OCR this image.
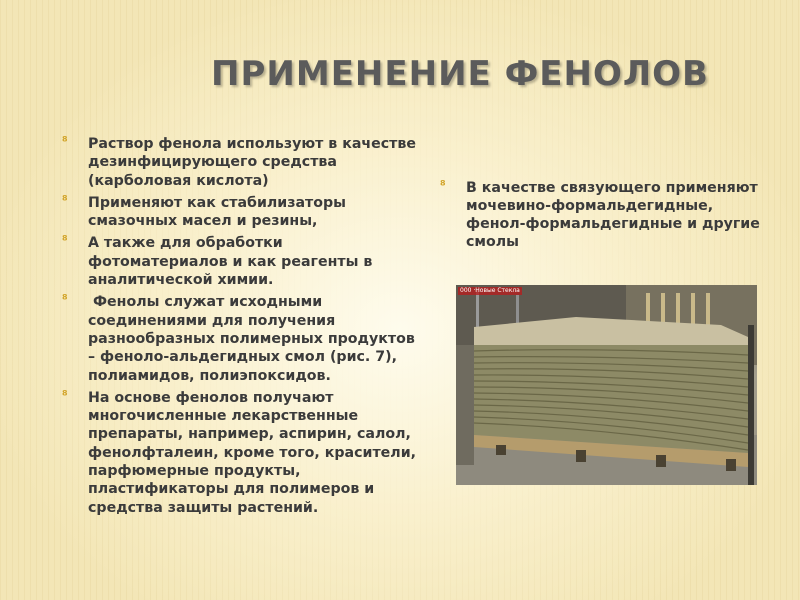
ПРИМЕНЕНИЕ ФЕНОЛОВ
⁸ Раствор фенола используют в качестве дезинфицирующего средства (карболовая кислота)
⁸ Применяют как стабилизаторы смазочных масел и резины,
⁸ А также для обработки фотоматериалов и как реагенты в аналитической химии.
⁸ Фенолы служат исходными соединениями для получения разнообразных полимерных продуктов – феноло-альдегидных смол (рис. 7), полиамидов, полиэпоксидов.
⁸ На основе фенолов получают многочисленные лекарственные препараты, например, аспирин, салол, фенолфталеин, кроме того, красители, парфюмерные продукты, пластификаторы для полимеров и средства защиты растений.
⁸ В качестве связующего применяют мочевино-формальдегидные, фенол-формальдегидные и другие смолы
000 ·Новые Стекла
